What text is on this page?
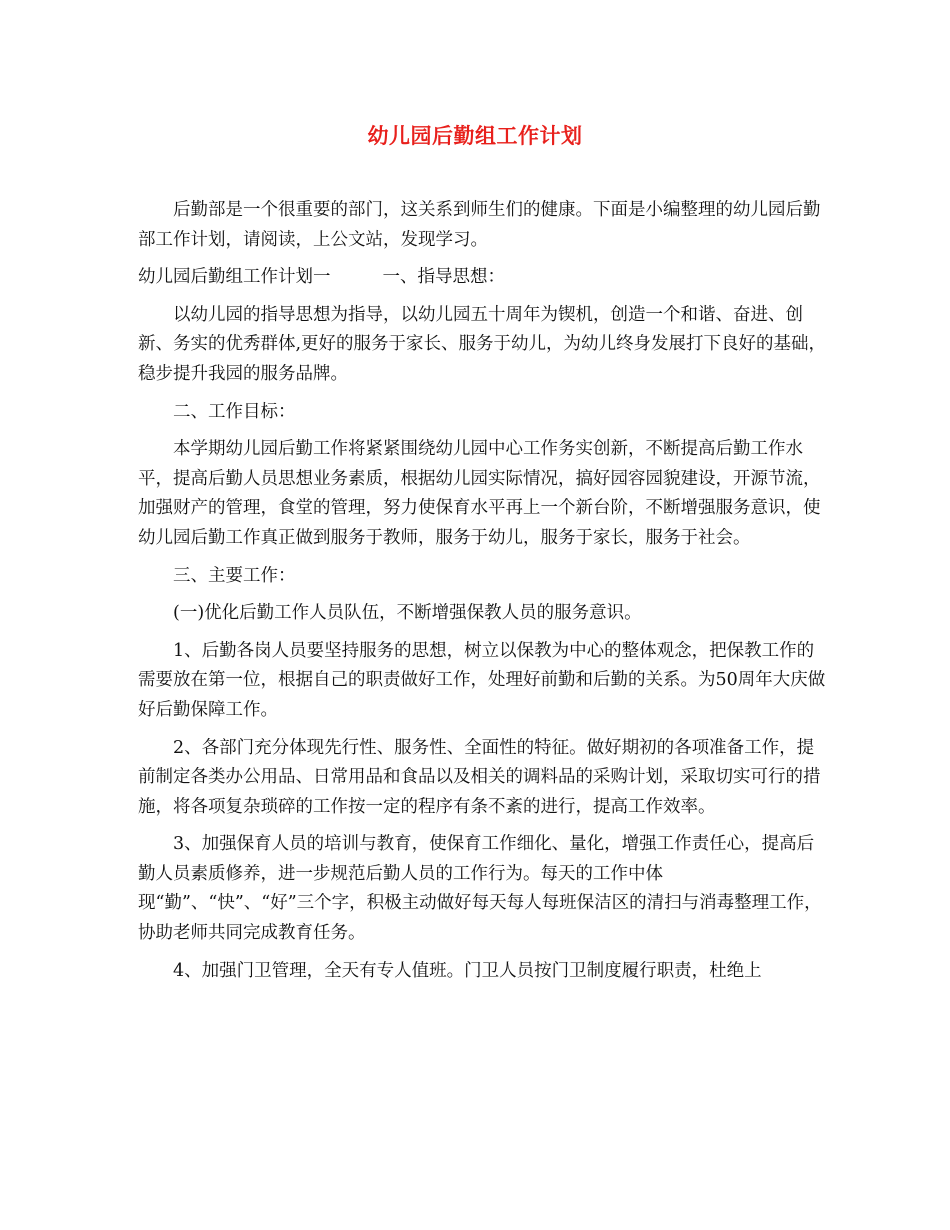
幼儿园后勤组工作计划

后勤部是一个很重要的部门，这关系到师生们的健康。下面是小编整理的幼儿园后勤部工作计划，请阅读，上公文站，发现学习。

幼儿园后勤组工作计划一	一、指导思想：

以幼儿园的指导思想为指导，以幼儿园五十周年为锲机，创造一个和谐、奋进、创新、务实的优秀群体,更好的服务于家长、服务于幼儿，为幼儿终身发展打下良好的基础，稳步提升我园的服务品牌。

二、工作目标：

本学期幼儿园后勤工作将紧紧围绕幼儿园中心工作务实创新，不断提高后勤工作水平，提高后勤人员思想业务素质，根据幼儿园实际情况，搞好园容园貌建设，开源节流，加强财产的管理，食堂的管理，努力使保育水平再上一个新台阶，不断增强服务意识，使幼儿园后勤工作真正做到服务于教师，服务于幼儿，服务于家长，服务于社会。

三、主要工作：

(一)优化后勤工作人员队伍，不断增强保教人员的服务意识。

1、后勤各岗人员要坚持服务的思想，树立以保教为中心的整体观念，把保教工作的需要放在第一位，根据自己的职责做好工作，处理好前勤和后勤的关系。为50周年大庆做好后勤保障工作。

2、各部门充分体现先行性、服务性、全面性的特征。做好期初的各项准备工作，提前制定各类办公用品、日常用品和食品以及相关的调料品的采购计划，采取切实可行的措施，将各项复杂琐碎的工作按一定的程序有条不紊的进行，提高工作效率。

3、加强保育人员的培训与教育，使保育工作细化、量化，增强工作责任心，提高后勤人员素质修养，进一步规范后勤人员的工作行为。每天的工作中体现“勤”、“快”、“好”三个字，积极主动做好每天每人每班保洁区的清扫与消毒整理工作，协助老师共同完成教育任务。

4、加强门卫管理，全天有专人值班。门卫人员按门卫制度履行职责，杜绝上
